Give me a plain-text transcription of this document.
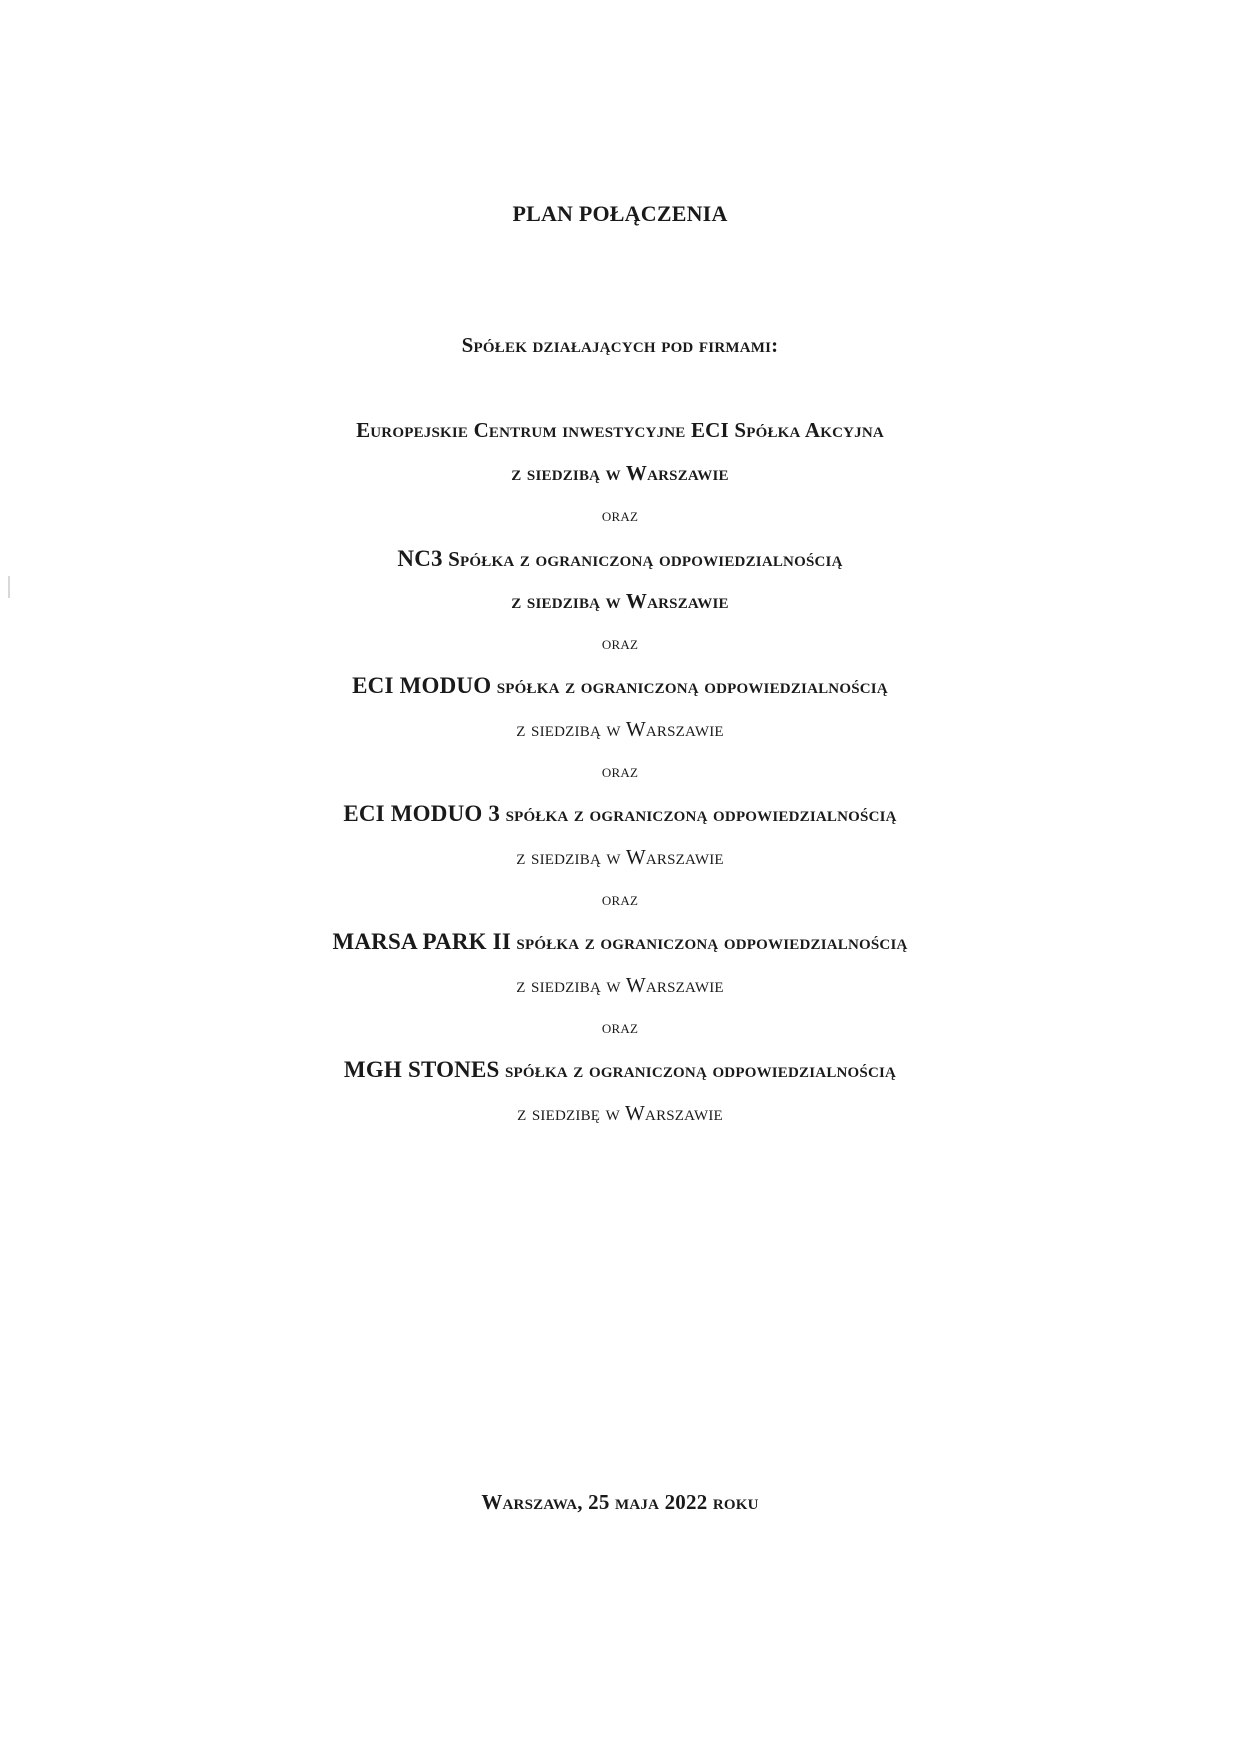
PLAN POŁĄCZENIA
Spółek działających pod firmami:
Europejskie Centrum inwestycyjne ECI Spółka Akcyjna
z siedzibą w Warszawie
oraz
NC3 Spółka z ograniczoną odpowiedzialnością
z siedzibą w Warszawie
oraz
ECI MODUO spółka z ograniczoną odpowiedzialnością
z siedzibą w Warszawie
oraz
ECI MODUO 3 spółka z ograniczoną odpowiedzialnością
z siedzibą w Warszawie
oraz
MARSA PARK II spółka z ograniczoną odpowiedzialnością
z siedzibą w Warszawie
oraz
MGH STONES spółka z ograniczoną odpowiedzialnością
z siedzibę w Warszawie
Warszawa, 25 maja 2022 roku
